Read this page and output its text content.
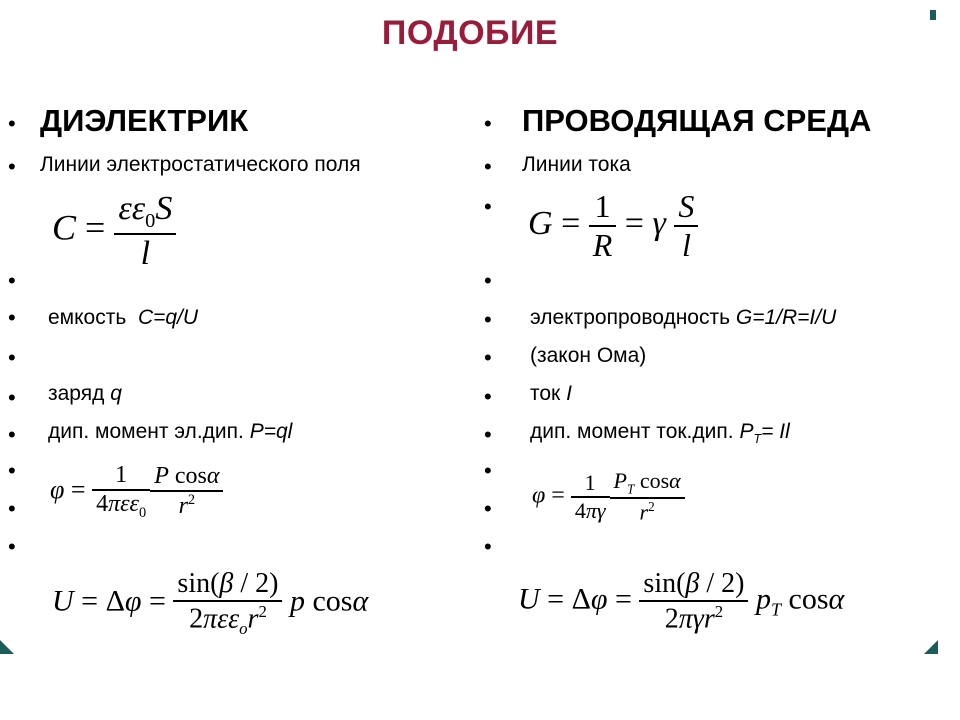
ПОДОБИЕ
• ДИЭЛЕКТРИК
• Линии электростатического поля
$C = \frac{\varepsilon\varepsilon_0S}{l}$
•
• емкость C=q/U
•
• заряд q
• дип. момент эл.дип. P=ql
•
•
•
$\varphi = \frac{1}{4\pi\varepsilon\varepsilon_0} \frac{\text{P cosα}}{r^2}$
$U = \Delta\varphi = \frac{\sin(\beta / 2)}{2\pi\varepsilon\varepsilon_or^2}$ p cosα
• ПРОВОДЯЩАЯ СРЕДА
• Линии тока
• $G = \frac{1}{R} = \gamma \frac{S}{l}$
•
• электропроводность G=1/R=I/U
• (закон Ома)
• ток I
• дип. момент ток.дип. $P_T= Il$
•
•
•
$\varphi = \frac{1}{4\pi\gamma} \frac{P_T \cos\alpha}{r^2}$
$U = \Delta\varphi = \frac{\sin(\beta / 2)}{2\pi\gamma r^2} p_T$ cosα
